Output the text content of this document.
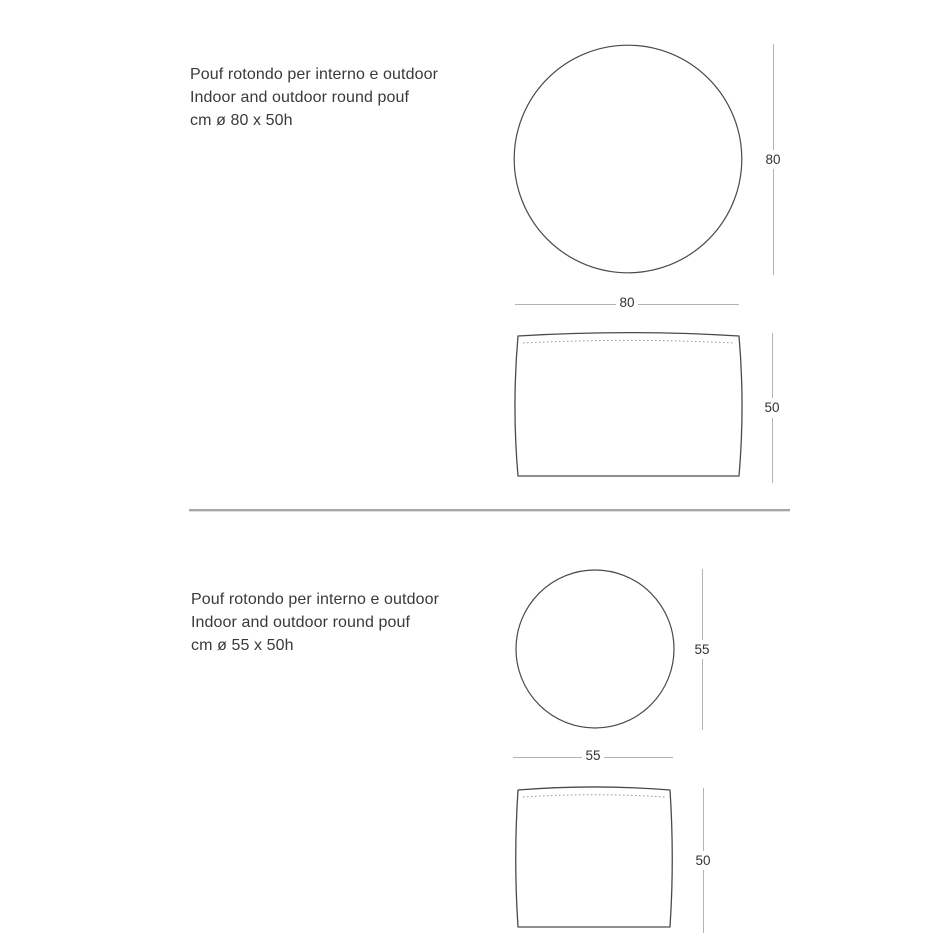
Pouf rotondo per interno e outdoor
Indoor and outdoor round pouf
cm ø 80 x 50h
80
80
50
Pouf rotondo per interno e outdoor
Indoor and outdoor round pouf
cm ø 55 x 50h	55
55
50
